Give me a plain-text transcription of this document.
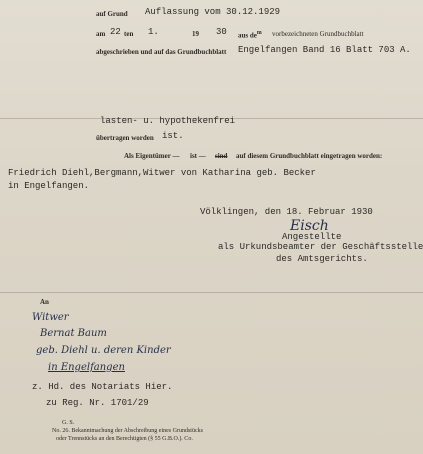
auf Grund Auflassung vom 30.12.1929
am 22 ten 1.	19 30 aus $de^m$ vorbezeichneten Grundbuchblatt
abgeschrieben und auf das Grundbuchblatt Engelfangen Band 16 Blatt 703 A.
lasten- u. hypothekenfrei
übertragen worden ist.
Als Eigentümer — ist — sind auf diesem Grundbuchblatt eingetragen worden:
Friedrich Diehl,Bergmann,Witwer von Katharina geb. Becker
in Engelfangen.
Völklingen, den 18. Februar 1930
Eisch
Angestellte
als Urkundsbeamter der Geschäftsstelle
des Amtsgerichts.
An
Witwer
Bernat Baum
geb. Diehl u. deren Kinder
in Engelfangen
z. Hd. des Notariats Hier.
zu Reg. Nr. 1701/29
G. S.
No. 26. Bekanntmachung der Abschreibung eines Grundstücks
oder Trennstücks an den Berechtigten (§ 55 G.B.O.). Co.
